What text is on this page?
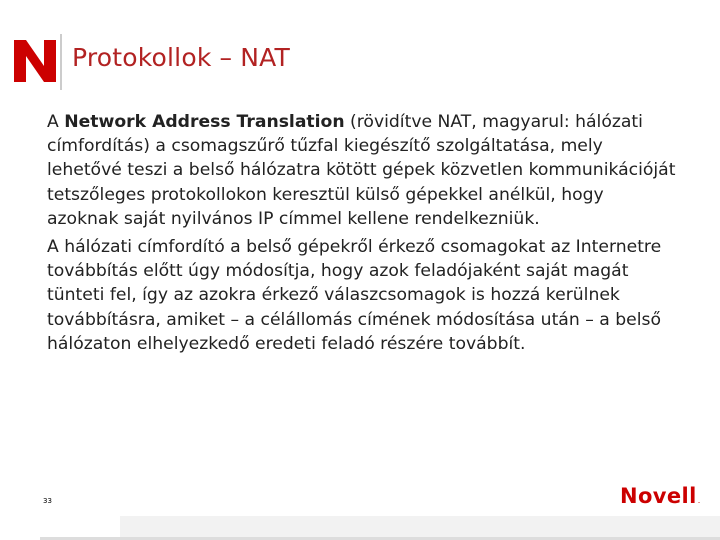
Protokollok – NAT

A Network Address Translation (rövidítve NAT, magyarul: hálózati címfordítás) a csomagszűrő tűzfal kiegészítő szolgáltatása, mely lehetővé teszi a belső hálózatra kötött gépek közvetlen kommunikációját tetszőleges protokollokon keresztül külső gépekkel anélkül, hogy azoknak saját nyilvános IP címmel kellene rendelkezniük.

A hálózati címfordító a belső gépekről érkező csomagokat az Internetre továbbítás előtt úgy módosítja, hogy azok feladójaként saját magát tünteti fel, így az azokra érkező válaszcsomagok is hozzá kerülnek továbbításra, amiket – a célállomás címének módosítása után – a belső hálózaton elhelyezkedő eredeti feladó részére továbbít.

33	Novell.
